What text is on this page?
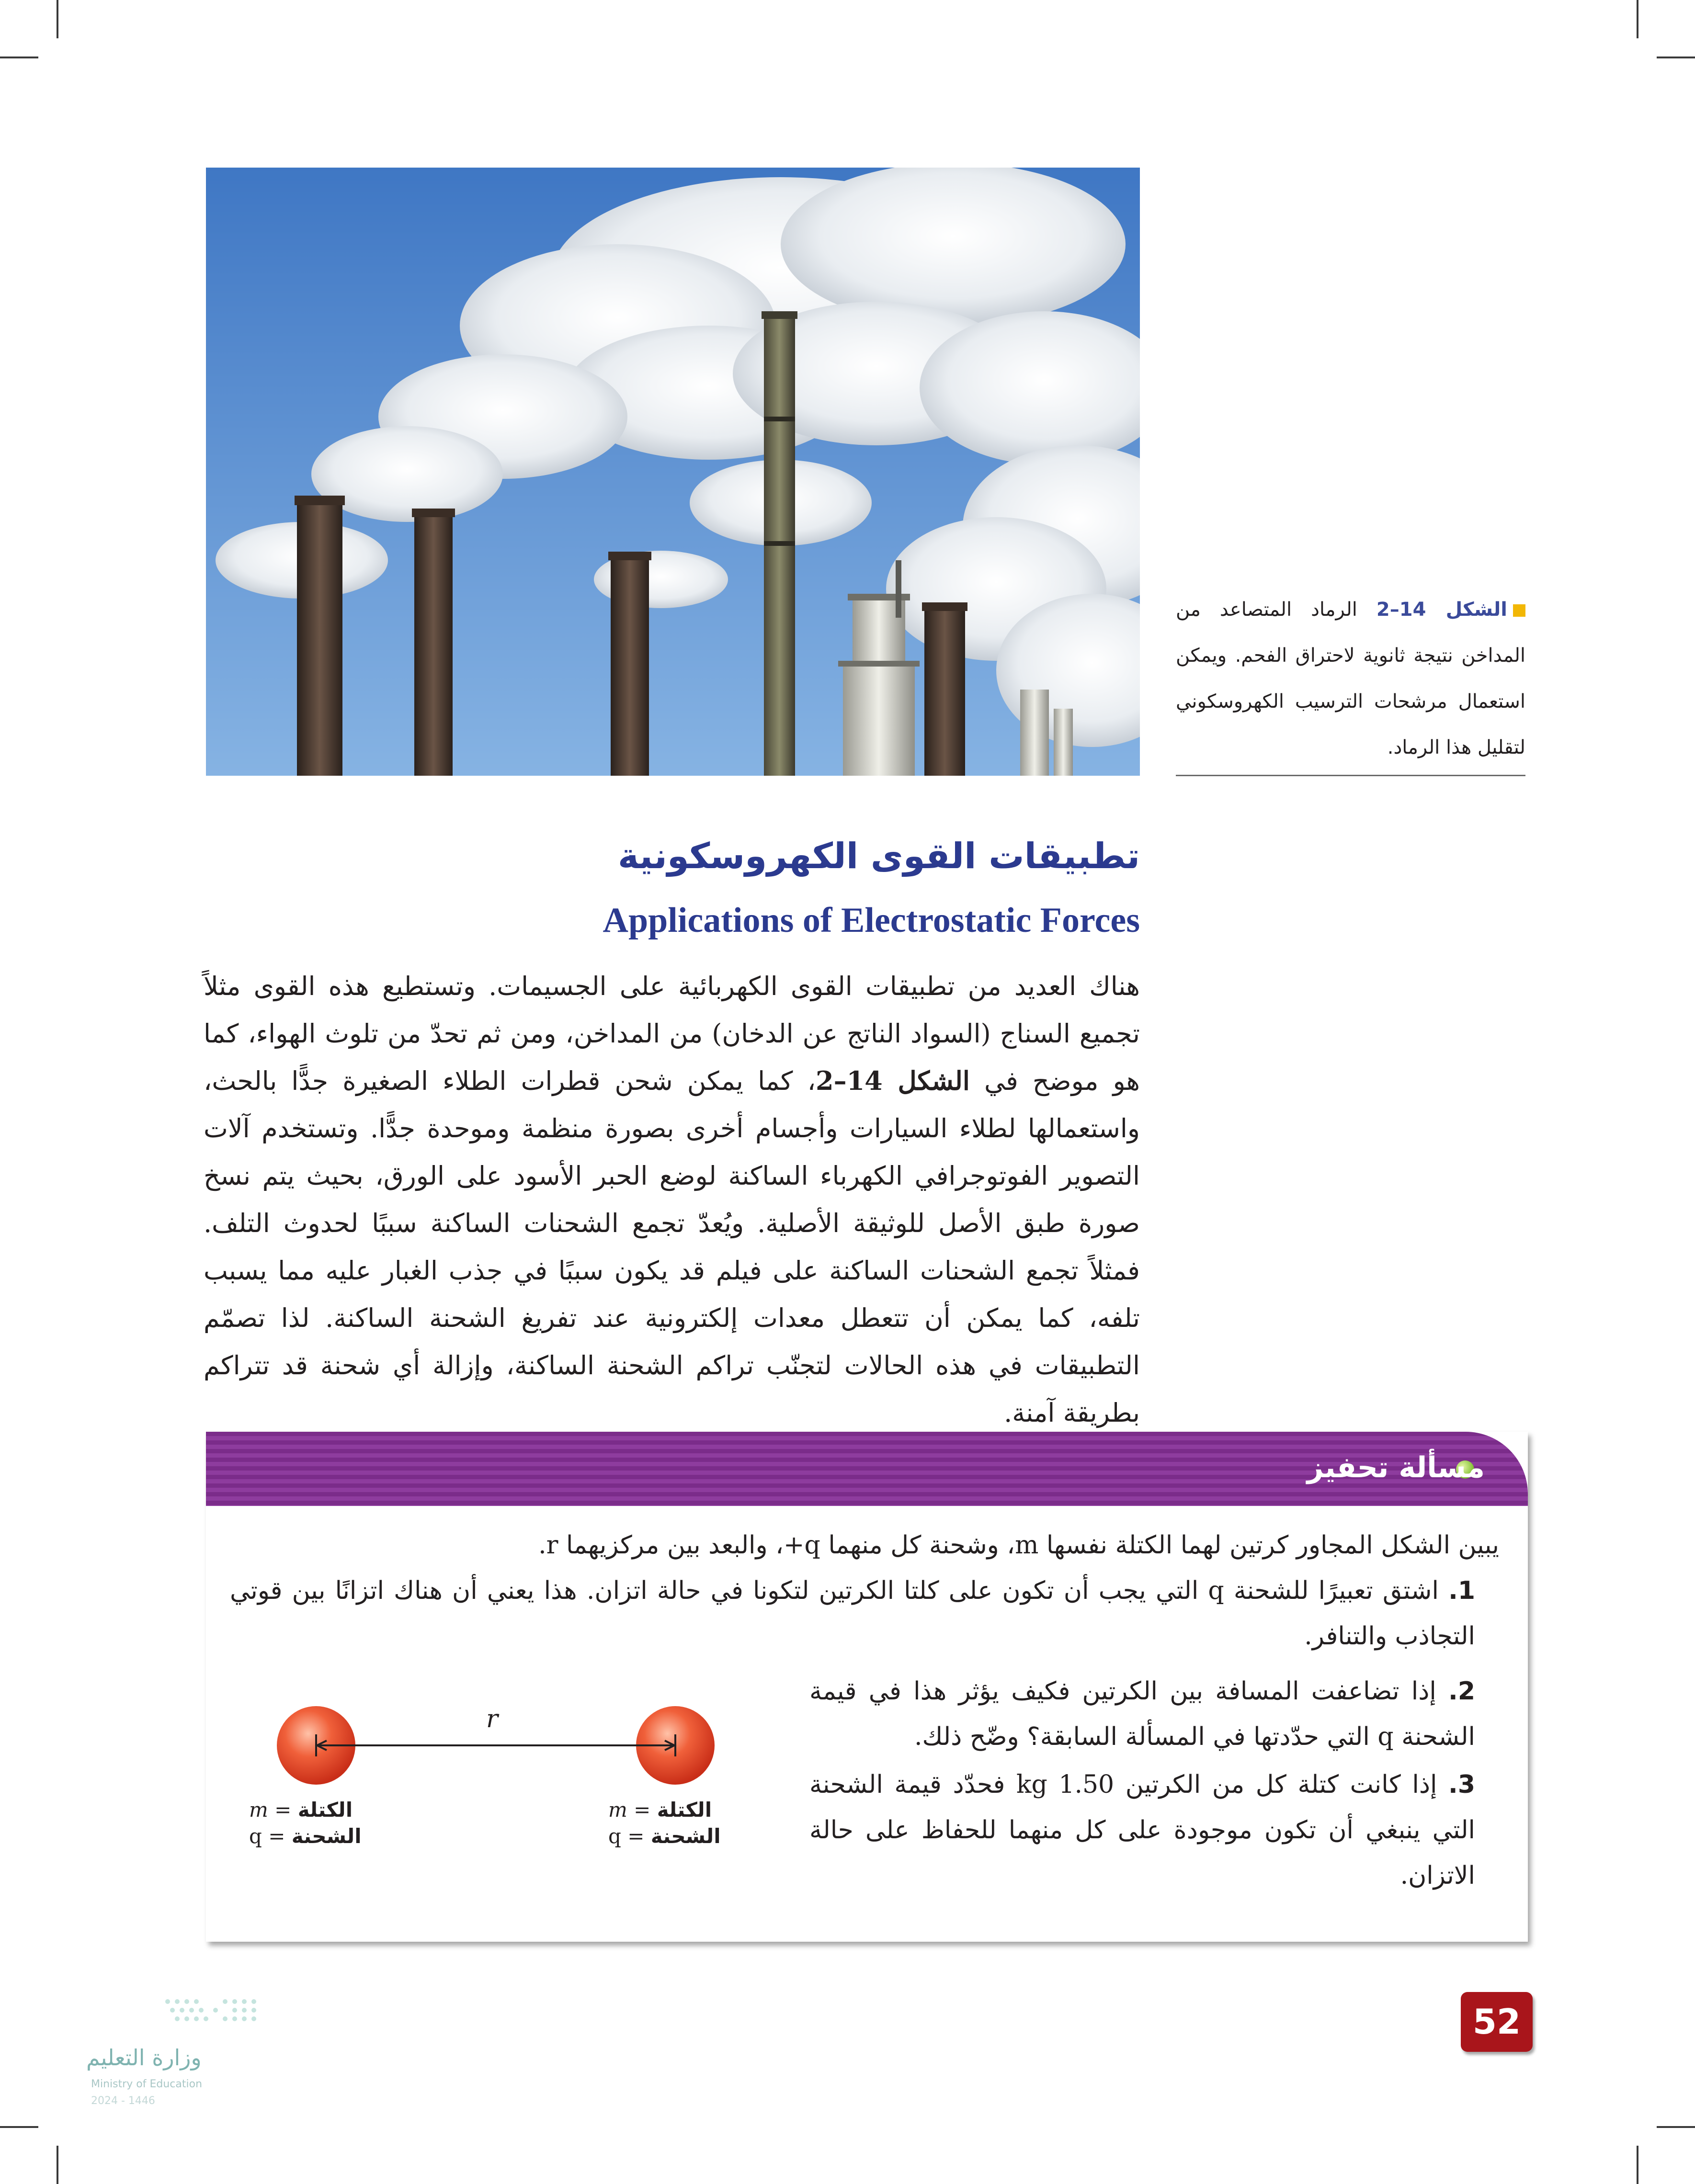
الشكل 14–2 الرماد المتصاعد من المداخن نتيجة ثانوية لاحتراق الفحم. ويمكن استعمال مرشحات الترسيب الكهروسكوني لتقليل هذا الرماد.
تطبيقات القوى الكهروسكونية
Applications of Electrostatic Forces
هناك العديد من تطبيقات القوى الكهربائية على الجسيمات. وتستطيع هذه القوى مثلاً تجميع السناج (السواد الناتج عن الدخان) من المداخن، ومن ثم تحدّ من تلوث الهواء، كما هو موضح في الشكل 14–2، كما يمكن شحن قطرات الطلاء الصغيرة جدًّا بالحث، واستعمالها لطلاء السيارات وأجسام أخرى بصورة منظمة وموحدة جدًّا. وتستخدم آلات التصوير الفوتوجرافي الكهرباء الساكنة لوضع الحبر الأسود على الورق، بحيث يتم نسخ صورة طبق الأصل للوثيقة الأصلية. ويُعدّ تجمع الشحنات الساكنة سببًا لحدوث التلف. فمثلاً تجمع الشحنات الساكنة على فيلم قد يكون سببًا في جذب الغبار عليه مما يسبب تلفه، كما يمكن أن تتعطل معدات إلكترونية عند تفريغ الشحنة الساكنة. لذا تصمّم التطبيقات في هذه الحالات لتجنّب تراكم الشحنة الساكنة، وإزالة أي شحنة قد تتراكم بطريقة آمنة.
مسألة تحفيز
يبين الشكل المجاور كرتين لهما الكتلة نفسها m، وشحنة كل منهما q+، والبعد بين مركزيهما r.
1. اشتق تعبيرًا للشحنة q التي يجب أن تكون على كلتا الكرتين لتكونا في حالة اتزان. هذا يعني أن هناك اتزانًا بين قوتي التجاذب والتنافر.
2. إذا تضاعفت المسافة بين الكرتين فكيف يؤثر هذا في قيمة الشحنة q التي حدّدتها في المسألة السابقة؟ وضّح ذلك.
3. إذا كانت كتلة كل من الكرتين 1.50 kg فحدّد قيمة الشحنة التي ينبغي أن تكون موجودة على كل منهما للحفاظ على حالة الاتزان.
r
m = الكتلة
q = الشحنة
m = الكتلة
q = الشحنة
52
وزارة التعليم
Ministry of Education
2024 - 1446
